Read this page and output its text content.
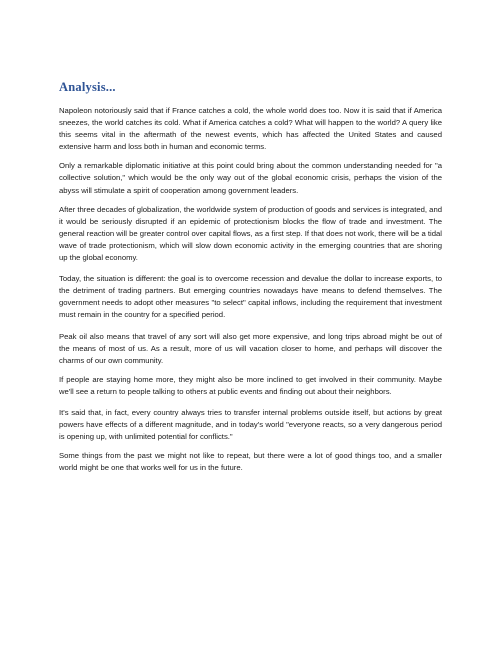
Analysis...

Napoleon notoriously said that if France catches a cold, the whole world does too. Now it is said that if America sneezes, the world catches its cold. What if America catches a cold? What will happen to the world? A query like this seems vital in the aftermath of the newest events, which has affected the United States and caused extensive harm and loss both in human and economic terms.

Only a remarkable diplomatic initiative at this point could bring about the common understanding needed for "a collective solution," which would be the only way out of the global economic crisis, perhaps the vision of the abyss will stimulate a spirit of cooperation among government leaders.

After three decades of globalization, the worldwide system of production of goods and services is integrated, and it would be seriously disrupted if an epidemic of protectionism blocks the flow of trade and investment. The general reaction will be greater control over capital flows, as a first step. If that does not work, there will be a tidal wave of trade protectionism, which will slow down economic activity in the emerging countries that are shoring up the global economy.

Today, the situation is different: the goal is to overcome recession and devalue the dollar to increase exports, to the detriment of trading partners. But emerging countries nowadays have means to defend themselves. The government needs to adopt other measures "to select" capital inflows, including the requirement that investment must remain in the country for a specified period.

Peak oil also means that travel of any sort will also get more expensive, and long trips abroad might be out of the means of most of us. As a result, more of us will vacation closer to home, and perhaps will discover the charms of our own community.

If people are staying home more, they might also be more inclined to get involved in their community. Maybe we'll see a return to people talking to others at public events and finding out about their neighbors.

It's said that, in fact, every country always tries to transfer internal problems outside itself, but actions by great powers have effects of a different magnitude, and in today's world "everyone reacts, so a very dangerous period is opening up, with unlimited potential for conflicts."

Some things from the past we might not like to repeat, but there were a lot of good things too, and a smaller world might be one that works well for us in the future.
